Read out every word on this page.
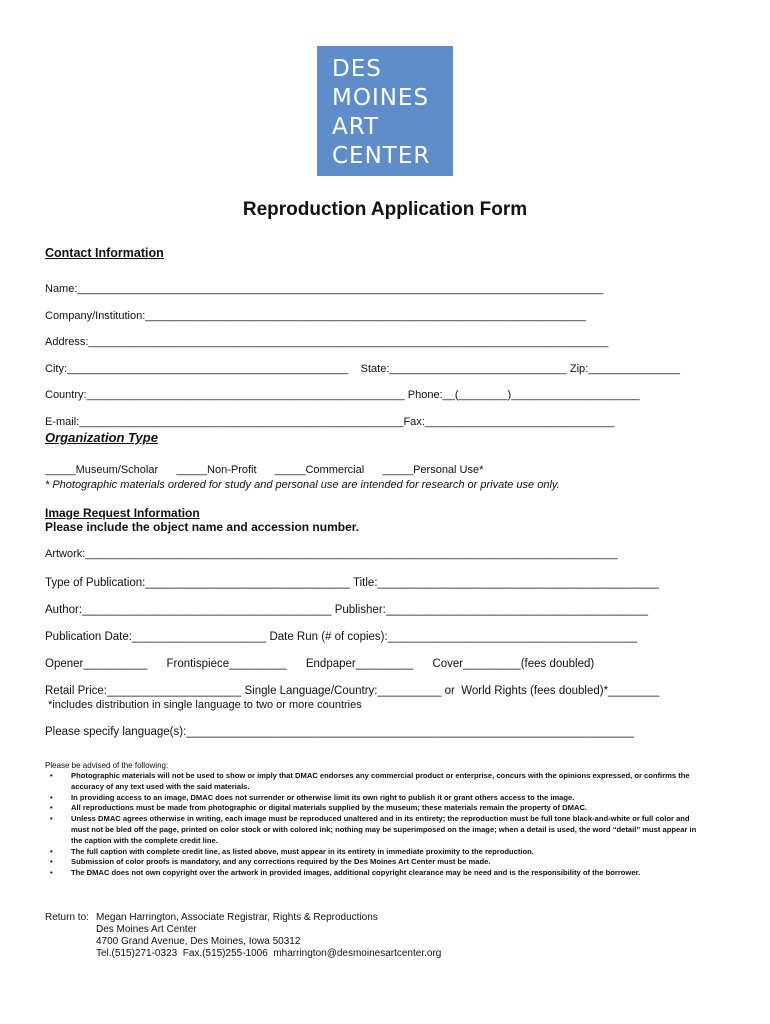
DES
MOINES
ART
CENTER
Reproduction Application Form
Contact Information
Name:______________________________________________________________________________________
Company/Institution:________________________________________________________________________
Address:_____________________________________________________________________________________
City:______________________________________________    State:_____________________________ Zip:_______________
Country:____________________________________________________ Phone:__(________)_____________________
E-mail:_____________________________________________________Fax:_______________________________
Organization Type
_____Museum/Scholar      _____Non-Profit      _____Commercial      _____Personal Use*
* Photographic materials ordered for study and personal use are intended for research or private use only.
Image Request Information
Please include the object name and accession number.
Artwork:_______________________________________________________________________________________
Type of Publication:________________________________ Title:____________________________________________
Author:_______________________________________ Publisher:_________________________________________
Publication Date:_____________________ Date Run (# of copies):_______________________________________
Opener__________      Frontispiece_________      Endpaper_________      Cover_________(fees doubled)
Retail Price:_____________________ Single Language/Country:__________ or  World Rights (fees doubled)*________
*includes distribution in single language to two or more countries
Please specify language(s):______________________________________________________________________
Please be advised of the following:
• Photographic materials will not be used to show or imply that DMAC endorses any commercial product or enterprise, concurs with the opinions expressed, or confirms the accuracy of any text used with the said materials.
• In providing access to an image, DMAC does not surrender or otherwise limit its own right to publish it or grant others access to the image.
• All reproductions must be made from photographic or digital materials supplied by the museum; these materials remain the property of DMAC.
• Unless DMAC agrees otherwise in writing, each image must be reproduced unaltered and in its entirety; the reproduction must be full tone black-and-white or full color and must not be bled off the page, printed on color stock or with colored ink; nothing may be superimposed on the image; when a detail is used, the word “detail” must appear in the caption with the complete credit line.
• The full caption with complete credit line, as listed above, must appear in its entirety in immediate proximity to the reproduction.
• Submission of color proofs is mandatory, and any corrections required by the Des Moines Art Center must be made.
• The DMAC does not own copyright over the artwork in provided images, additional copyright clearance may be need and is the responsibility of the borrower.
Return to: Megan Harrington, Associate Registrar, Rights & Reproductions
Des Moines Art Center
4700 Grand Avenue, Des Moines, Iowa 50312
Tel.(515)271-0323  Fax.(515)255-1006  mharrington@desmoinesartcenter.org
